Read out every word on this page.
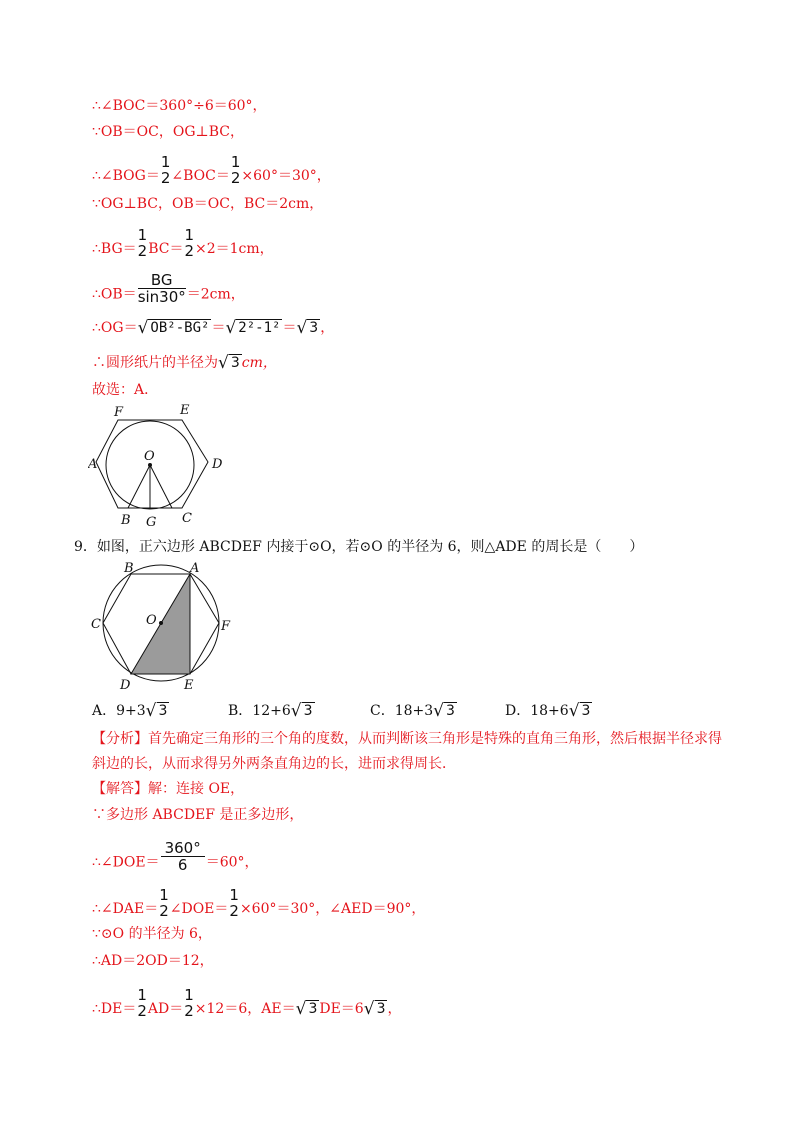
∴∠BOC＝360°÷6＝60°，
∵OB＝OC，OG⊥BC，
∴∠BOG＝
1
2 ∠BOC＝
1
2 ×60°＝30°，
∵OG⊥BC，OB＝OC，BC＝2cm，
∴BG＝
1
2 BC＝
1
2 ×2＝1cm，
∴OB＝ $\frac{BG}{\sin 30^\circ} =2cm$，
∴OG＝√ OB²-BG² ＝√ 2²-1² ＝√ 3 ，
∴圆形纸片的半径为√ 3 cm，
故选：A．
F	E
A	D
O
B G C
9．如图，正六边形 ABCDEF 内接于⊙O，若⊙O 的半径为 6，则△ADE 的周长是（　　）
B	A
C	O	F
D	E
A．9+3√ 3	B．12+6√ 3	C．18+3√ 3	D．18+6√ 3
【分析】首先确定三角形的三个角的度数，从而判断该三角形是特殊的直角三角形，然后根据半径求得
斜边的长，从而求得另外两条直角边的长，进而求得周长．
【解答】解：连接 OE，
∵多边形 ABCDEF 是正多边形，
∴∠DOE＝ $\frac{360^\circ}{6} =60^\circ$，
∴∠DAE＝
1
2 ∠DOE＝
1
2 ×60°＝30°，∠AED＝90°，
∵⊙O 的半径为 6，
∴AD＝2OD＝12，
∴DE＝
1
2 AD＝
1
2 ×12＝6，AE＝√ 3 DE＝6√ 3 ，
